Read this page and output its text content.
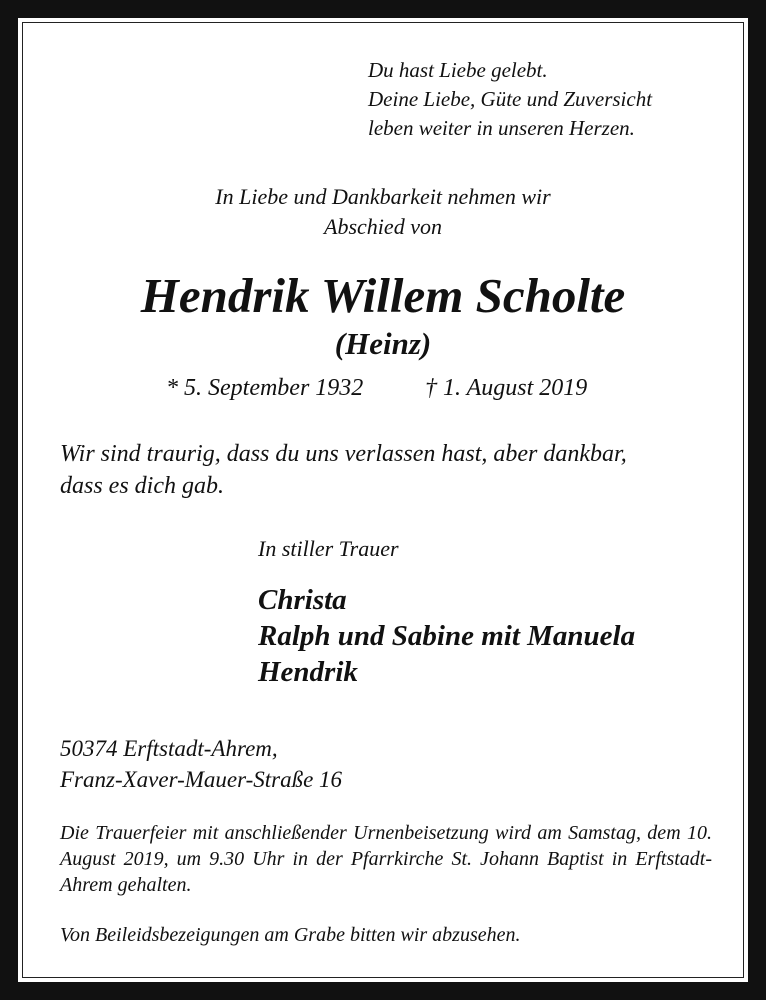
Du hast Liebe gelebt.
Deine Liebe, Güte und Zuversicht
leben weiter in unseren Herzen.
In Liebe und Dankbarkeit nehmen wir
Abschied von
Hendrik Willem Scholte
(Heinz)
* 5. September 1932	† 1. August 2019
Wir sind traurig, dass du uns verlassen hast, aber dankbar,
dass es dich gab.
In stiller Trauer
Christa
Ralph und Sabine mit Manuela
Hendrik
50374 Erftstadt-Ahrem,
Franz-Xaver-Mauer-Straße 16
Die Trauerfeier mit anschließender Urnenbeisetzung wird am Samstag, dem 10. August 2019, um 9.30 Uhr in der Pfarrkirche St. Johann Baptist in Erftstadt-Ahrem gehalten.
Von Beileidsbezeigungen am Grabe bitten wir abzusehen.
